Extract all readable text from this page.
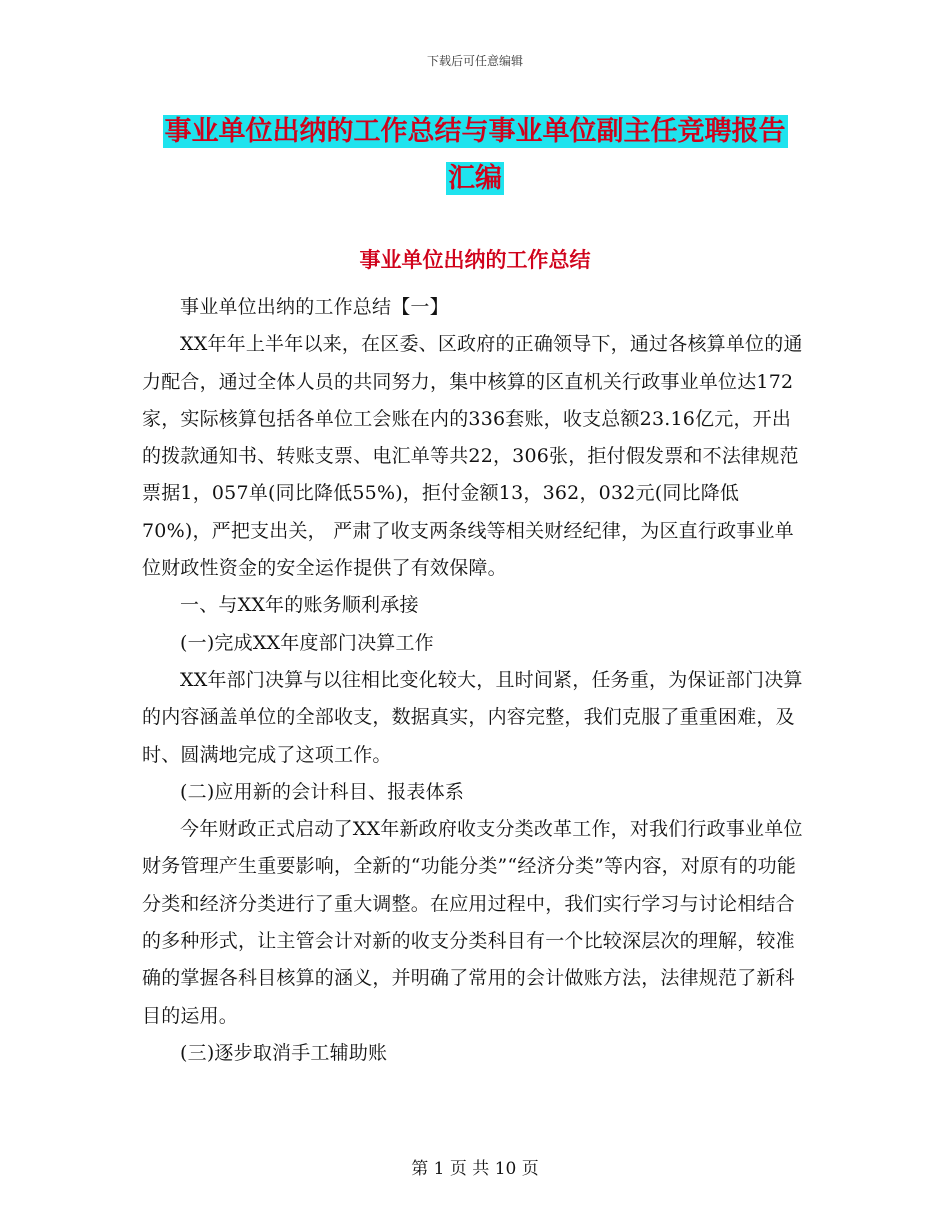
下载后可任意编辑
事业单位出纳的工作总结与事业单位副主任竞聘报告
汇编
事业单位出纳的工作总结

事业单位出纳的工作总结【一】

XX年年上半年以来，在区委、区政府的正确领导下，通过各核算单位的通力配合，通过全体人员的共同努力，集中核算的区直机关行政事业单位达172家，实际核算包括各单位工会账在内的336套账，收支总额23.16亿元，开出的拨款通知书、转账支票、电汇单等共22，306张，拒付假发票和不法律规范票据1，057单(同比降低55%)，拒付金额13，362，032元(同比降低70%)，严把支出关， 严肃了收支两条线等相关财经纪律，为区直行政事业单位财政性资金的安全运作提供了有效保障。

一、与XX年的账务顺利承接

(一)完成XX年度部门决算工作

XX年部门决算与以往相比变化较大，且时间紧，任务重，为保证部门决算的内容涵盖单位的全部收支，数据真实，内容完整，我们克服了重重困难，及时、圆满地完成了这项工作。

(二)应用新的会计科目、报表体系

今年财政正式启动了XX年新政府收支分类改革工作，对我们行政事业单位财务管理产生重要影响，全新的“功能分类”“经济分类”等内容，对原有的功能分类和经济分类进行了重大调整。在应用过程中，我们实行学习与讨论相结合的多种形式，让主管会计对新的收支分类科目有一个比较深层次的理解，较准确的掌握各科目核算的涵义，并明确了常用的会计做账方法，法律规范了新科目的运用。

(三)逐步取消手工辅助账

第 1 页 共 10 页
